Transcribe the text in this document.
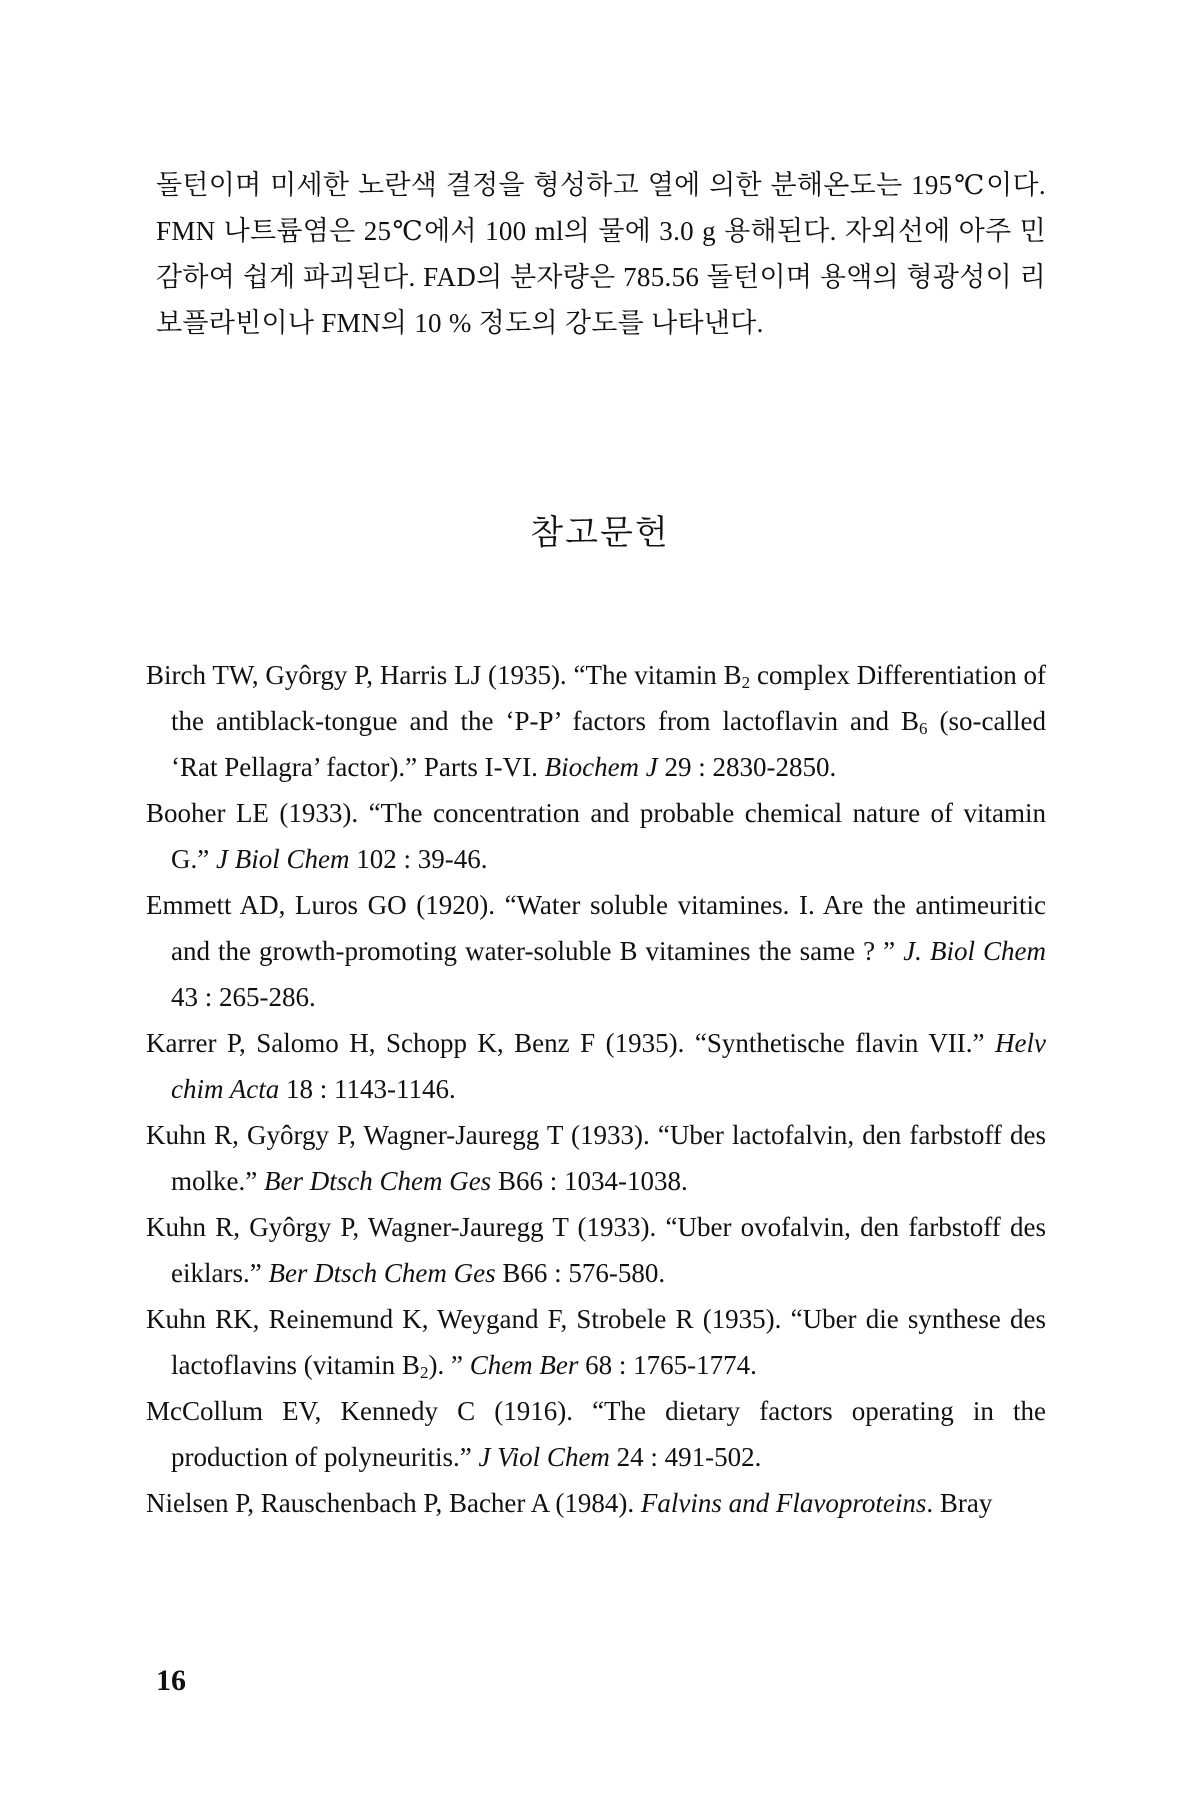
돌턴이며 미세한 노란색 결정을 형성하고 열에 의한 분해온도는 195℃이다. FMN 나트륨염은 25℃에서 100 ml의 물에 3.0 g 용해된다. 자외선에 아주 민감하여 쉽게 파괴된다. FAD의 분자량은 785.56 돌턴이며 용액의 형광성이 리보플라빈이나 FMN의 10 % 정도의 강도를 나타낸다.

참고문헌
Birch TW, Gyôrgy P, Harris LJ (1935). “The vitamin $B_2$ complex Differentiation of the antiblack-tongue and the ‘P-P’ factors from lactoflavin and $B_6$ (so-called ‘Rat Pellagra’ factor).” Parts I-VI. Biochem J 29 : 2830-2850.
Booher LE (1933). “The concentration and probable chemical nature of vitamin G.” J Biol Chem 102 : 39-46.
Emmett AD, Luros GO (1920). “Water soluble vitamines. I. Are the antimeuritic and the growth-promoting water-soluble B vitamines the same ? ” J. Biol Chem 43 : 265-286.
Karrer P, Salomo H, Schopp K, Benz F (1935). “Synthetische flavin VII.” Helv chim Acta 18 : 1143-1146.
Kuhn R, Gyôrgy P, Wagner-Jauregg T (1933). “Uber lactofalvin, den farbstoff des molke.” Ber Dtsch Chem Ges B66 : 1034-1038.
Kuhn R, Gyôrgy P, Wagner-Jauregg T (1933). “Uber ovofalvin, den farbstoff des eiklars.” Ber Dtsch Chem Ges B66 : 576-580.
Kuhn RK, Reinemund K, Weygand F, Strobele R (1935). “Uber die synthese des lactoflavins (vitamin $B_2$). ” Chem Ber 68 : 1765-1774.
McCollum EV, Kennedy C (1916). “The dietary factors operating in the production of polyneuritis.” J Viol Chem 24 : 491-502.
Nielsen P, Rauschenbach P, Bacher A (1984). Falvins and Flavoproteins. Bray
16
